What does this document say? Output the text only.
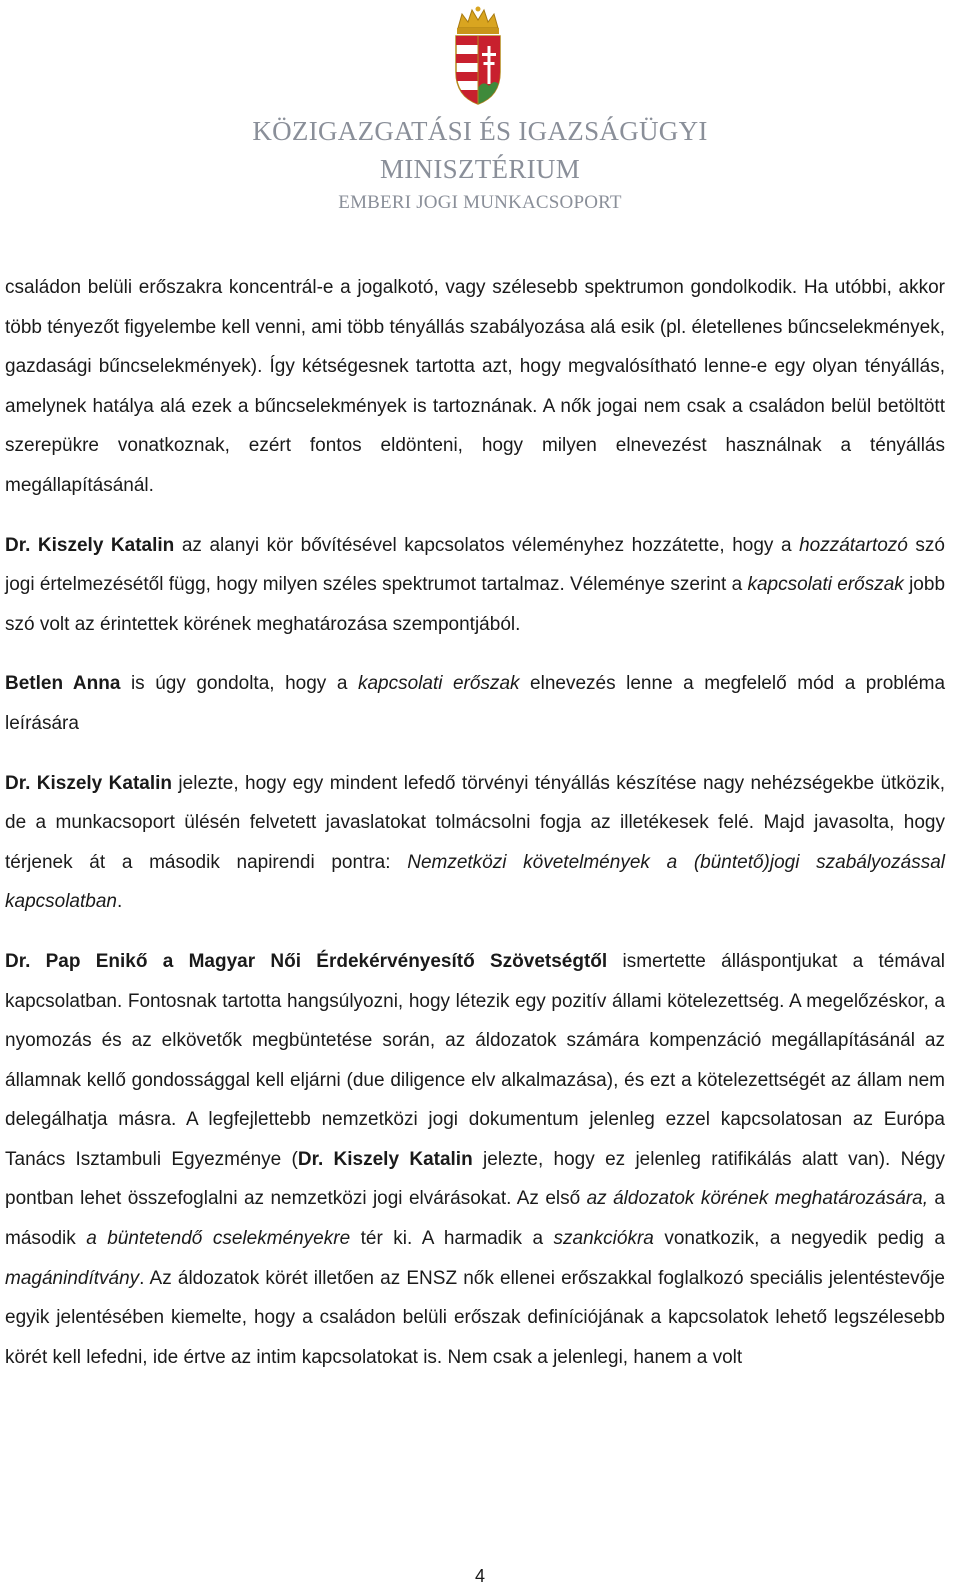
KÖZIGAZGATÁSI ÉS IGAZSÁGÜGYI
MINISZTÉRIUM
EMBERI JOGI MUNKACSOPORT

családon belüli erőszakra koncentrál-e a jogalkotó, vagy szélesebb spektrumon gondolkodik. Ha utóbbi, akkor több tényezőt figyelembe kell venni, ami több tényállás szabályozása alá esik (pl. életellenes bűncselekmények, gazdasági bűncselekmények). Így kétségesnek tartotta azt, hogy megvalósítható lenne-e egy olyan tényállás, amelynek hatálya alá ezek a bűncselekmények is tartoznának. A nők jogai nem csak a családon belül betöltött szerepükre vonatkoznak, ezért fontos eldönteni, hogy milyen elnevezést használnak a tényállás megállapításánál.

Dr. Kiszely Katalin az alanyi kör bővítésével kapcsolatos véleményhez hozzátette, hogy a hozzátartozó szó jogi értelmezésétől függ, hogy milyen széles spektrumot tartalmaz. Véleménye szerint a kapcsolati erőszak jobb szó volt az érintettek körének meghatározása szempontjából.

Betlen Anna is úgy gondolta, hogy a kapcsolati erőszak elnevezés lenne a megfelelő mód a probléma leírására

Dr. Kiszely Katalin jelezte, hogy egy mindent lefedő törvényi tényállás készítése nagy nehézségekbe ütközik, de a munkacsoport ülésén felvetett javaslatokat tolmácsolni fogja az illetékesek felé. Majd javasolta, hogy térjenek át a második napirendi pontra: Nemzetközi követelmények a (büntető)jogi szabályozással kapcsolatban.

Dr. Pap Enikő a Magyar Női Érdekérvényesítő Szövetségtől ismertette álláspontjukat a témával kapcsolatban. Fontosnak tartotta hangsúlyozni, hogy létezik egy pozitív állami kötelezettség. A megelőzéskor, a nyomozás és az elkövetők megbüntetése során, az áldozatok számára kompenzáció megállapításánál az államnak kellő gondossággal kell eljárni (due diligence elv alkalmazása), és ezt a kötelezettségét az állam nem delegálhatja másra. A legfejlettebb nemzetközi jogi dokumentum jelenleg ezzel kapcsolatosan az Európa Tanács Isztambuli Egyezménye (Dr. Kiszely Katalin jelezte, hogy ez jelenleg ratifikálás alatt van). Négy pontban lehet összefoglalni az nemzetközi jogi elvárásokat. Az első az áldozatok körének meghatározására, a második a büntetendő cselekményekre tér ki. A harmadik a szankciókra vonatkozik, a negyedik pedig a magánindítvány. Az áldozatok körét illetően az ENSZ nők ellenei erőszakkal foglalkozó speciális jelentéstevője egyik jelentésében kiemelte, hogy a családon belüli erőszak definíciójának a kapcsolatok lehető legszélesebb körét kell lefedni, ide értve az intim kapcsolatokat is. Nem csak a jelenlegi, hanem a volt

4
